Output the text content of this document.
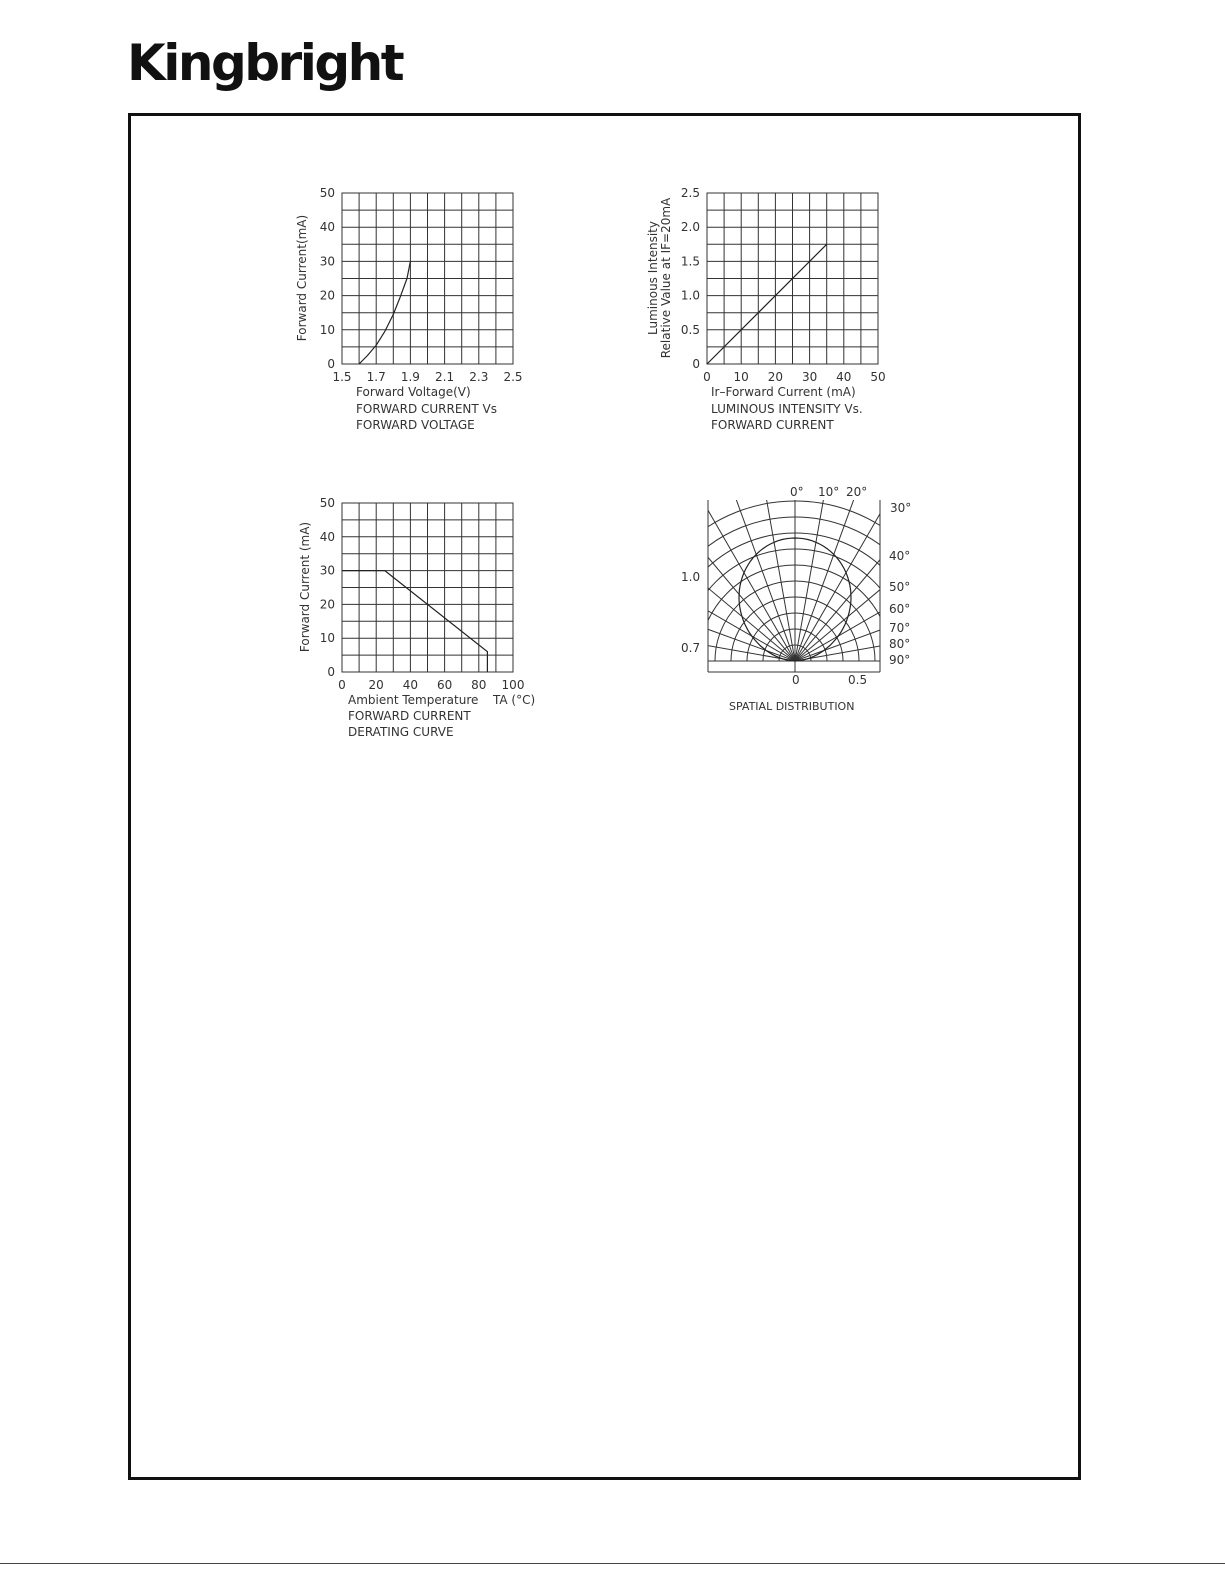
Kingbright
0
10
20
30
40
50
1.5 1.7 1.9 2.1 2.3 2.5
Forward Current(mA)
Forward Voltage(V)
FORWARD CURRENT Vs
FORWARD VOLTAGE
0
0.5
1.0
1.5
2.0
2.5
0 10 20 30 40 50
Luminous Intensity Relative Value at IF=20mA
Ir–Forward Current (mA)
LUMINOUS INTENSITY Vs.
FORWARD CURRENT
0
10
20
30
40
50
0 20 40 60 80 100
Forward Current (mA)
Ambient Temperature TA (°C)
FORWARD CURRENT
DERATING CURVE
0° 10° 20°
30°
40°
50°
60°
70°
80°
90°
1.0
0.7
0	0.5
SPATIAL DISTRIBUTION
